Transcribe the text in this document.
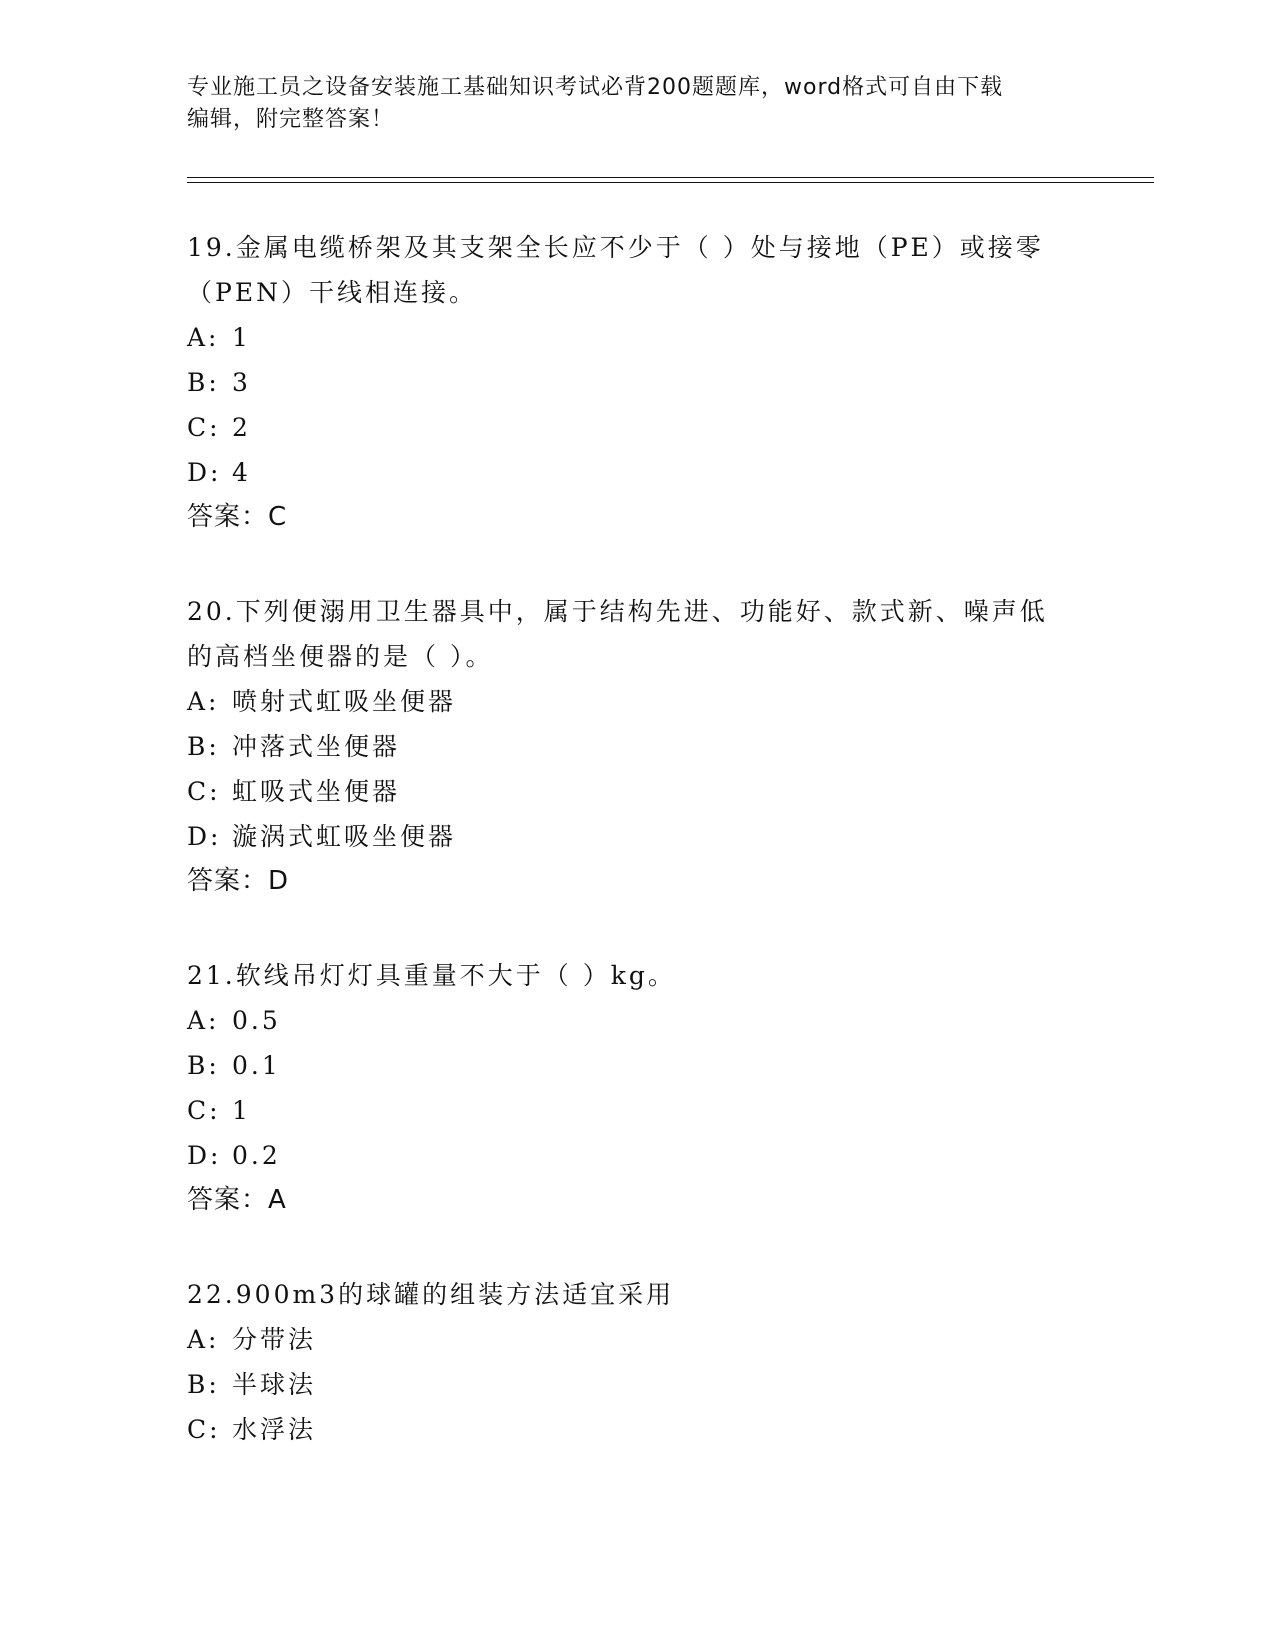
专业施工员之设备安装施工基础知识考试必背200题题库，word格式可自由下载
编辑，附完整答案！
19.金属电缆桥架及其支架全长应不少于（ ）处与接地（PE）或接零
（PEN）干线相连接。
A: 1
B: 3
C: 2
D: 4
答案：C
20.下列便溺用卫生器具中，属于结构先进、功能好、款式新、噪声低
的高档坐便器的是（ ）。
A: 喷射式虹吸坐便器
B: 冲落式坐便器
C: 虹吸式坐便器
D: 漩涡式虹吸坐便器
答案：D
21.软线吊灯灯具重量不大于（ ）kg。
A: 0.5
B: 0.1
C: 1
D: 0.2
答案：A
22.900m3的球罐的组装方法适宜采用
A: 分带法
B: 半球法
C: 水浮法
